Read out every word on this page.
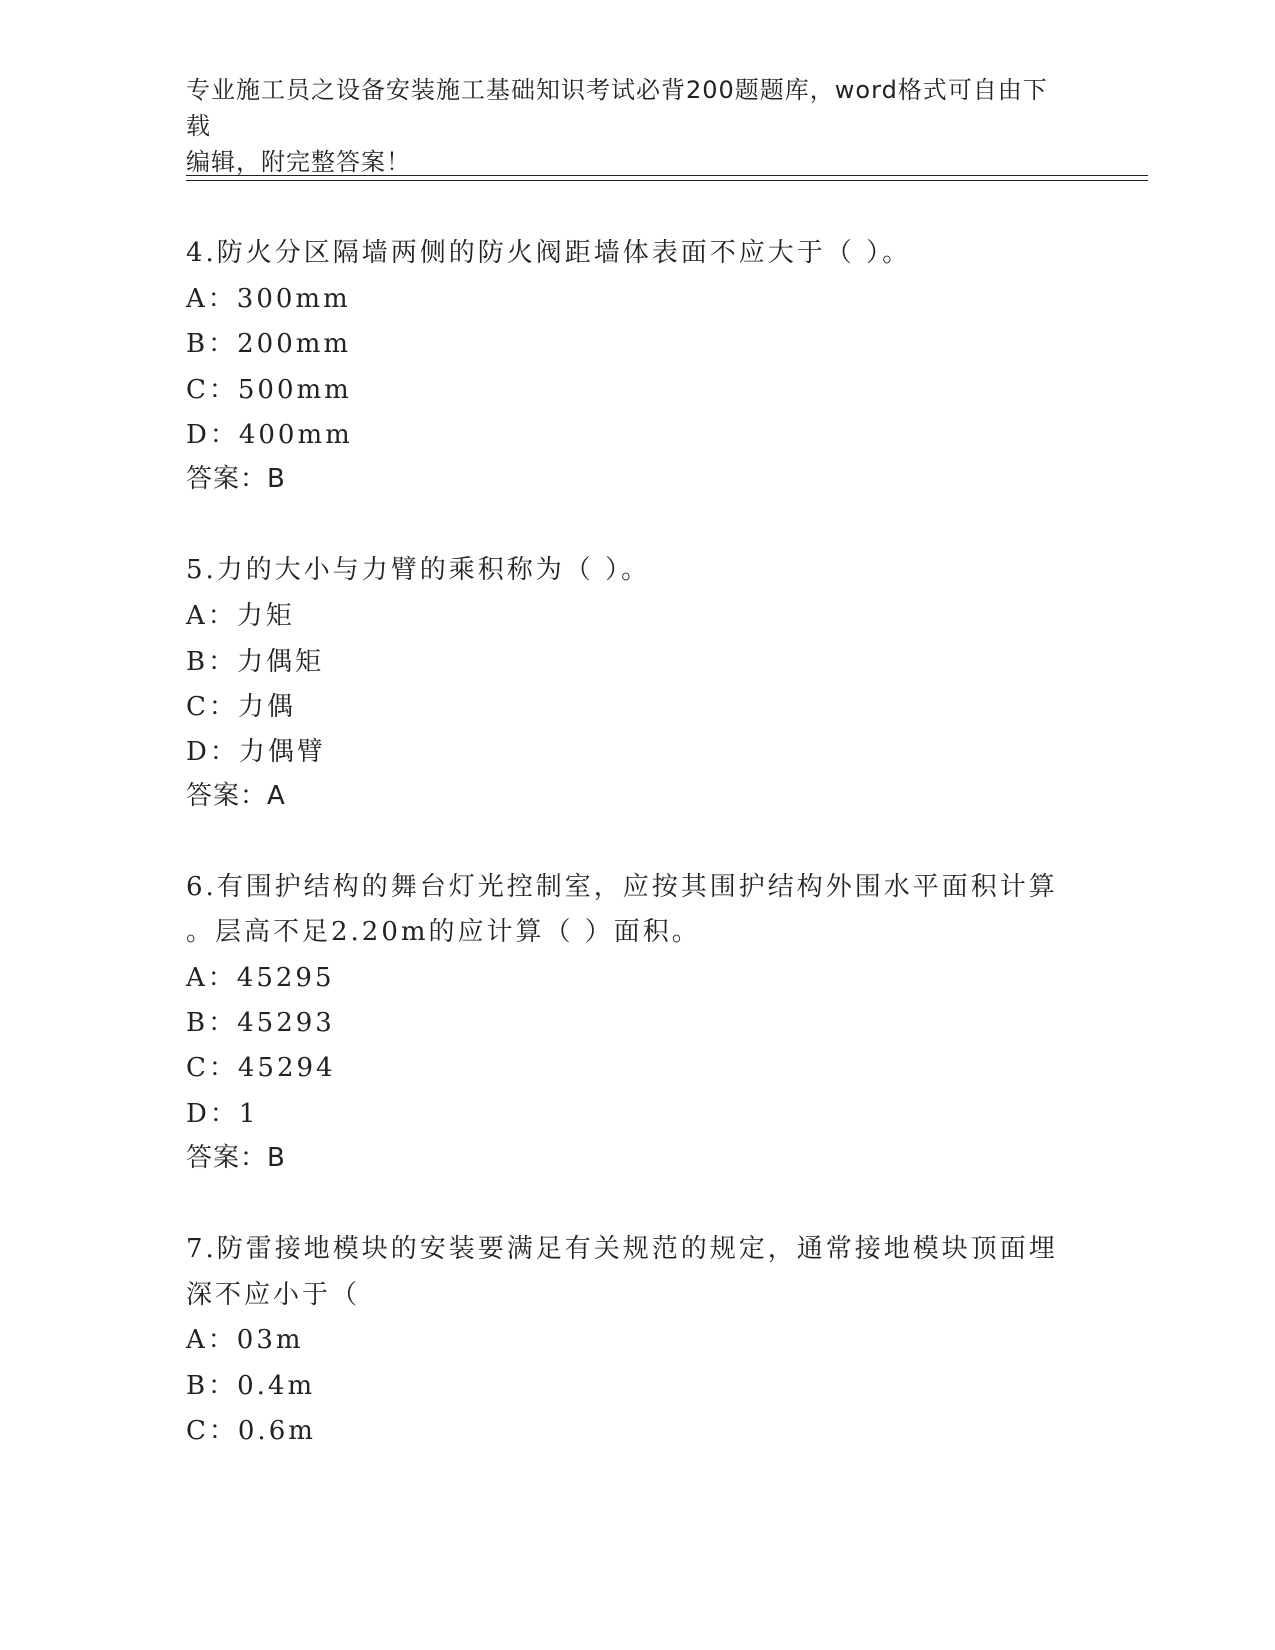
专业施工员之设备安装施工基础知识考试必背200题题库，word格式可自由下载
编辑，附完整答案！
4.防火分区隔墙两侧的防火阀距墙体表面不应大于（ ）。
A：300mm
B：200mm
C：500mm
D：400mm
答案：B
5.力的大小与力臂的乘积称为（ ）。
A：力矩
B：力偶矩
C：力偶
D：力偶臂
答案：A
6.有围护结构的舞台灯光控制室，应按其围护结构外围水平面积计算
。层高不足2.20m的应计算（ ）面积。
A：45295
B：45293
C：45294
D：1
答案：B
7.防雷接地模块的安装要满足有关规范的规定，通常接地模块顶面埋
深不应小于（
A：03m
B：0.4m
C：0.6m
